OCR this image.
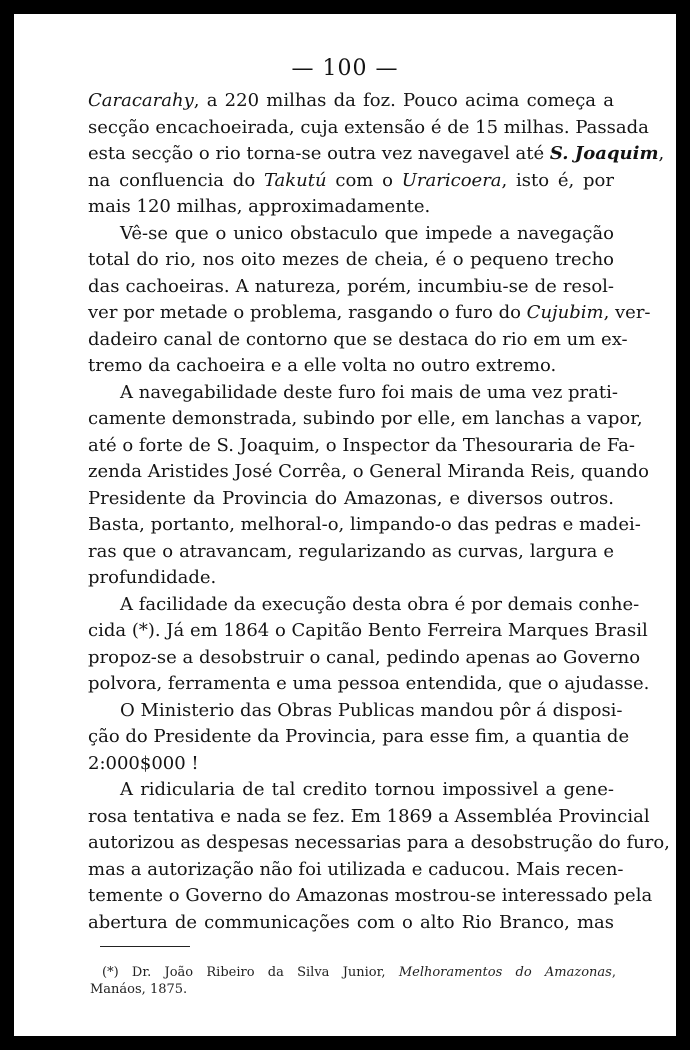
— 100 —
Caracarahy, a 220 milhas da foz. Pouco acima começa a
secção encachoeirada, cuja extensão é de 15 milhas. Passada
esta secção o rio torna-se outra vez navegavel até S. Joaquim,
na confluencia do Takutú com o Uraricoera, isto é, por
mais 120 milhas, approximadamente.
Vê-se que o unico obstaculo que impede a navegação
total do rio, nos oito mezes de cheia, é o pequeno trecho
das cachoeiras. A natureza, porém, incumbiu-se de resol-
ver por metade o problema, rasgando o furo do Cujubim, ver-
dadeiro canal de contorno que se destaca do rio em um ex-
tremo da cachoeira e a elle volta no outro extremo.
A navegabilidade deste furo foi mais de uma vez prati-
camente demonstrada, subindo por elle, em lanchas a vapor,
até o forte de S. Joaquim, o Inspector da Thesouraria de Fa-
zenda Aristides José Corrêa, o General Miranda Reis, quando
Presidente da Provincia do Amazonas, e diversos outros.
Basta, portanto, melhoral-o, limpando-o das pedras e madei-
ras que o atravancam, regularizando as curvas, largura e
profundidade.
A facilidade da execução desta obra é por demais conhe-
cida (*). Já em 1864 o Capitão Bento Ferreira Marques Brasil
propoz-se a desobstruir o canal, pedindo apenas ao Governo
polvora, ferramenta e uma pessoa entendida, que o ajudasse.
O Ministerio das Obras Publicas mandou pôr á disposi-
ção do Presidente da Provincia, para esse fim, a quantia de
2:000$000 !
A ridicularia de tal credito tornou impossivel a gene-
rosa tentativa e nada se fez. Em 1869 a Assembléa Provincial
autorizou as despesas necessarias para a desobstrução do furo,
mas a autorização não foi utilizada e caducou. Mais recen-
temente o Governo do Amazonas mostrou-se interessado pela
abertura de communicações com o alto Rio Branco, mas
(*) Dr. João Ribeiro da Silva Junior, Melhoramentos do Amazonas,
Manáos, 1875.
